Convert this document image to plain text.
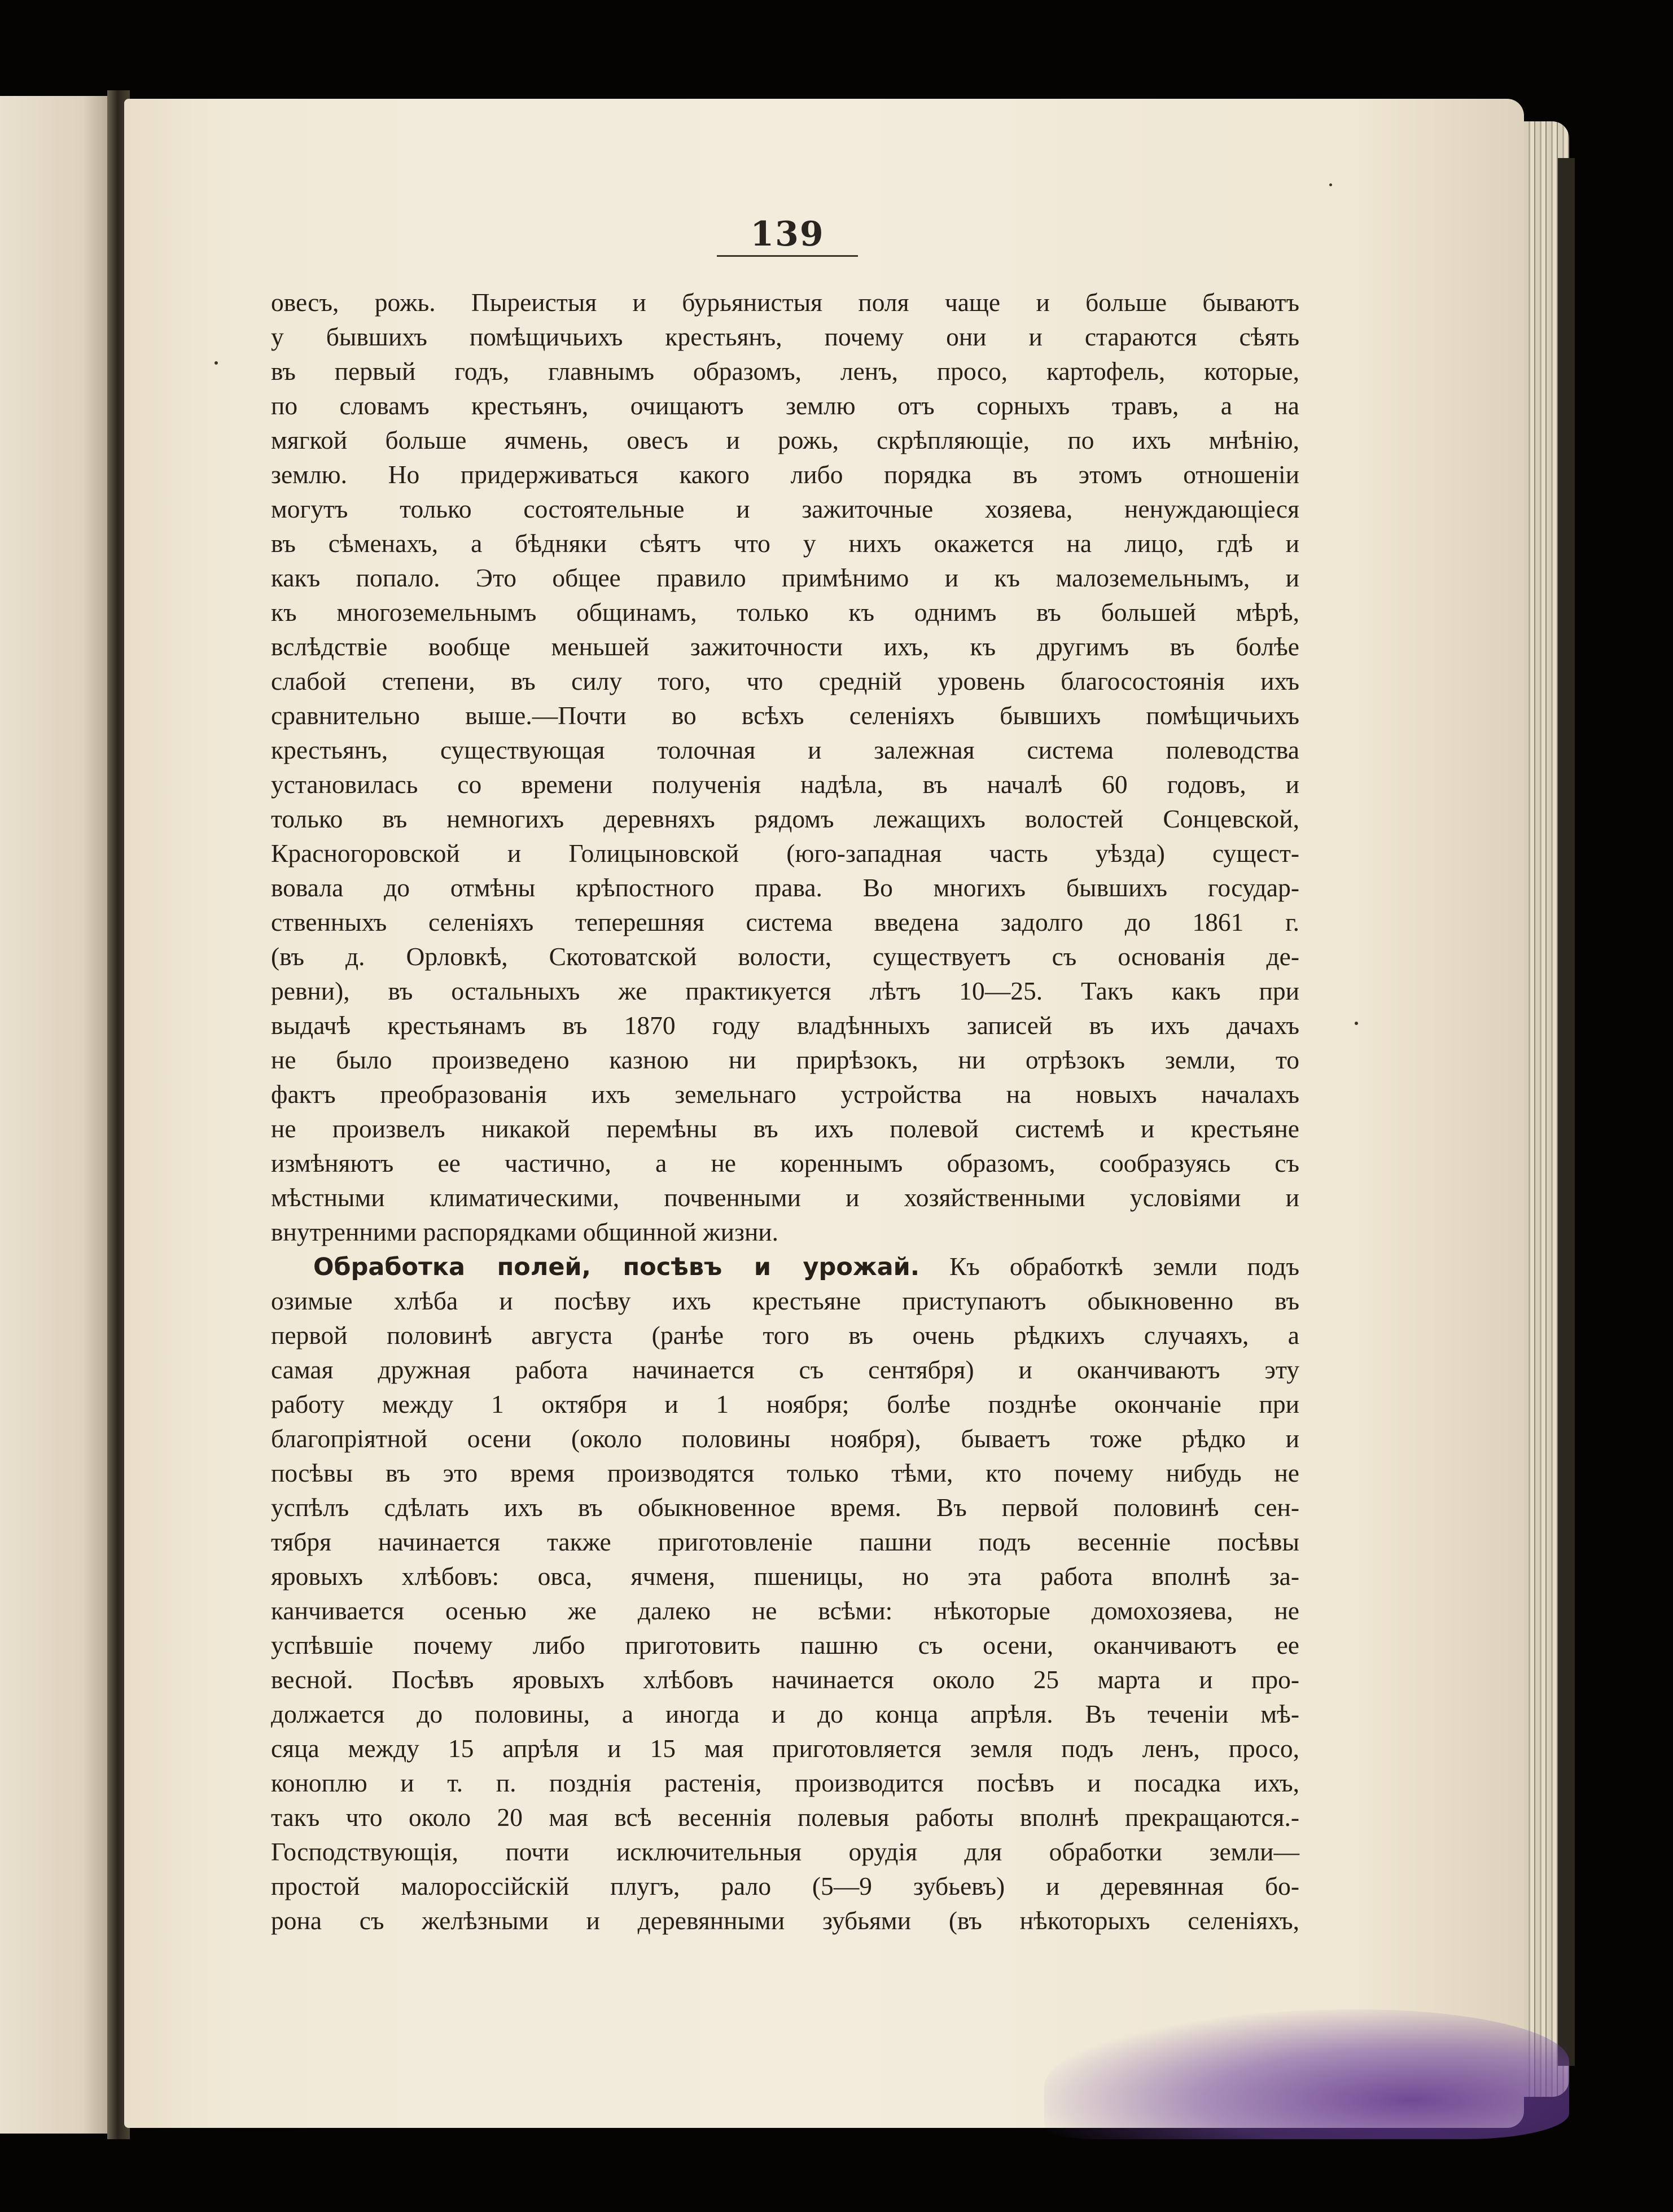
139
овесъ, рожь. Пыреистыя и бурьянистыя поля чаще и больше бываютъ
у бывшихъ помѣщичьихъ крестьянъ, почему они и стараются сѣять
въ первый годъ, главнымъ образомъ, ленъ, просо, картофель, которые,
по словамъ крестьянъ, очищаютъ землю отъ сорныхъ травъ, а на
мягкой больше ячмень, овесъ и рожь, скрѣпляющіе, по ихъ мнѣнію,
землю. Но придерживаться какого либо порядка въ этомъ отношеніи
могутъ только состоятельные и зажиточные хозяева, ненуждающіеся
въ сѣменахъ, а бѣдняки сѣятъ что у нихъ окажется на лицо, гдѣ и
какъ попало. Это общее правило примѣнимо и къ малоземельнымъ, и
къ многоземельнымъ общинамъ, только къ однимъ въ большей мѣрѣ,
вслѣдствіе вообще меньшей зажиточности ихъ, къ другимъ въ болѣе
слабой степени, въ силу того, что средній уровень благосостоянія ихъ
сравнительно выше.—Почти во всѣхъ селеніяхъ бывшихъ помѣщичьихъ
крестьянъ, существующая толочная и залежная система полеводства
установилась со времени полученія надѣла, въ началѣ 60 годовъ, и
только въ немногихъ деревняхъ рядомъ лежащихъ волостей Сонцевской,
Красногоровской и Голицыновской (юго-западная часть уѣзда) сущест-
вовала до отмѣны крѣпостного права. Во многихъ бывшихъ государ-
ственныхъ селеніяхъ теперешняя система введена задолго до 1861 г.
(въ д. Орловкѣ, Скотоватской волости, существуетъ съ основанія де-
ревни), въ остальныхъ же практикуется лѣтъ 10—25. Такъ какъ при
выдачѣ крестьянамъ въ 1870 году владѣнныхъ записей въ ихъ дачахъ
не было произведено казною ни прирѣзокъ, ни отрѣзокъ земли, то
фактъ преобразованія ихъ земельнаго устройства на новыхъ началахъ
не произвелъ никакой перемѣны въ ихъ полевой системѣ и крестьяне
измѣняютъ ее частично, а не кореннымъ образомъ, сообразуясь съ
мѣстными климатическими, почвенными и хозяйственными условіями и
внутренними распорядками общинной жизни.
Обработка полей, посѣвъ и урожай. Къ обработкѣ земли подъ
озимые хлѣба и посѣву ихъ крестьяне приступаютъ обыкновенно въ
первой половинѣ августа (ранѣе того въ очень рѣдкихъ случаяхъ, а
самая дружная работа начинается съ сентября) и оканчиваютъ эту
работу между 1 октября и 1 ноября; болѣе позднѣе окончаніе при
благопріятной осени (около половины ноября), бываетъ тоже рѣдко и
посѣвы въ это время производятся только тѣми, кто почему нибудь не
успѣлъ сдѣлать ихъ въ обыкновенное время. Въ первой половинѣ сен-
тября начинается также приготовленіе пашни подъ весенніе посѣвы
яровыхъ хлѣбовъ: овса, ячменя, пшеницы, но эта работа вполнѣ за-
канчивается осенью же далеко не всѣми: нѣкоторые домохозяева, не
успѣвшіе почему либо приготовить пашню съ осени, оканчиваютъ ее
весной. Посѣвъ яровыхъ хлѣбовъ начинается около 25 марта и про-
должается до половины, а иногда и до конца апрѣля. Въ теченіи мѣ-
сяца между 15 апрѣля и 15 мая приготовляется земля подъ ленъ, просо,
коноплю и т. п. позднія растенія, производится посѣвъ и посадка ихъ,
такъ что около 20 мая всѣ весеннія полевыя работы вполнѣ прекращаются.-
Господствующія, почти исключительныя орудія для обработки земли—
простой малороссійскій плугъ, рало (5—9 зубьевъ) и деревянная бо-
рона съ желѣзными и деревянными зубьями (въ нѣкоторыхъ селеніяхъ,
